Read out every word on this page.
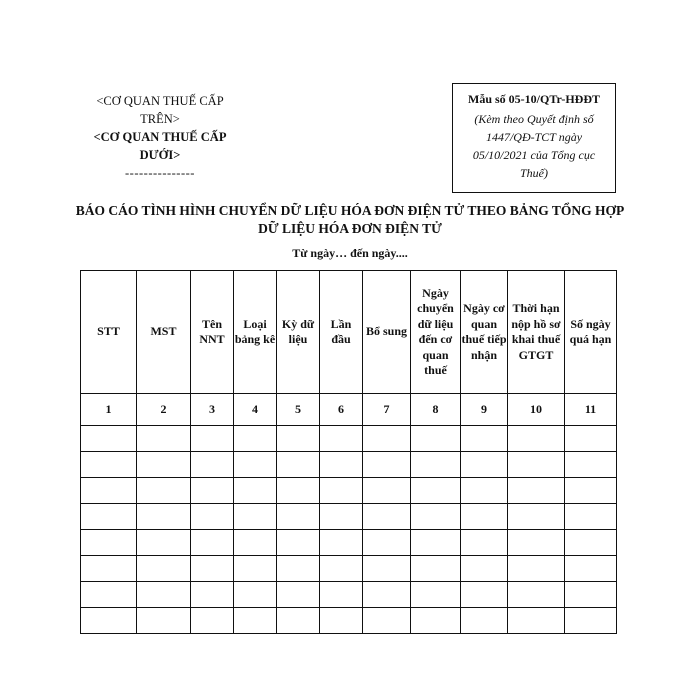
<CƠ QUAN THUẾ CẤP TRÊN>
<CƠ QUAN THUẾ CẤP DƯỚI>
---------------
Mẫu số 05-10/QTr-HĐĐT
(Kèm theo Quyết định số 1447/QĐ-TCT ngày 05/10/2021 của Tổng cục Thuế)
BÁO CÁO TÌNH HÌNH CHUYỂN DỮ LIỆU HÓA ĐƠN ĐIỆN TỬ THEO BẢNG TỔNG HỢP DỮ LIỆU HÓA ĐƠN ĐIỆN TỬ
Từ ngày… đến ngày....
STT	MST	Tên NNT	Loại bảng kê	Kỳ dữ liệu	Lần đầu	Bổ sung	Ngày chuyển dữ liệu đến cơ quan thuế	Ngày cơ quan thuế tiếp nhận	Thời hạn nộp hồ sơ khai thuế GTGT	Số ngày quá hạn
1	2	3	4	5	6	7	8	9	10	11
